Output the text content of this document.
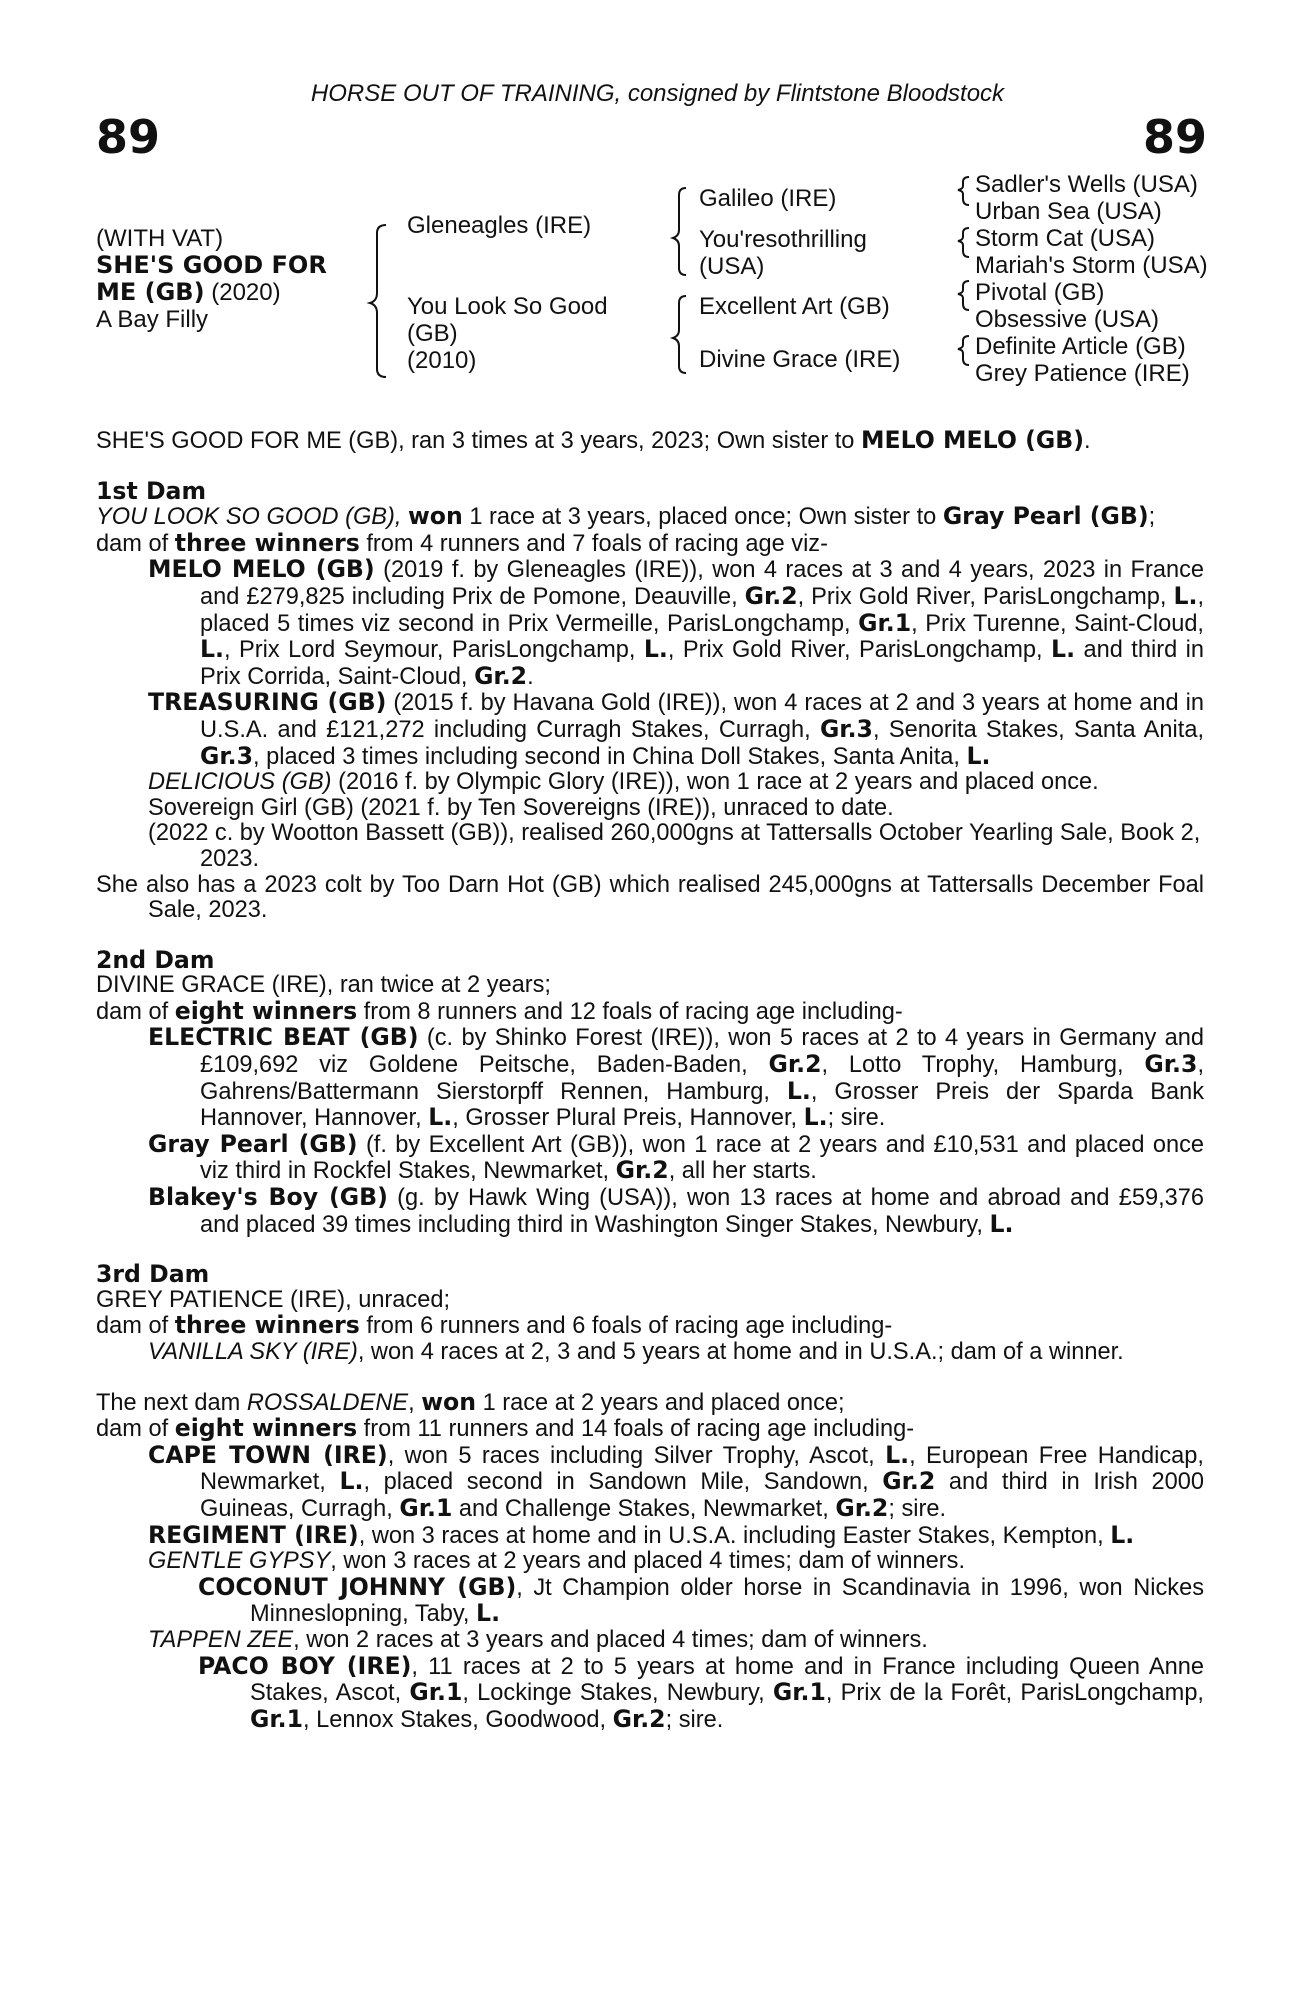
HORSE OUT OF TRAINING, consigned by Flintstone Bloodstock
89	89
(WITH VAT)
SHE'S GOOD FOR
ME (GB) (2020)
A Bay Filly
Gleneagles (IRE)
You Look So Good
(GB)
(2010)
Galileo (IRE)
You'resothrilling
(USA)
Excellent Art (GB)
Divine Grace (IRE)
Sadler's Wells (USA)
Urban Sea (USA)
Storm Cat (USA)
Mariah's Storm (USA)
Pivotal (GB)
Obsessive (USA)
Definite Article (GB)
Grey Patience (IRE)

SHE'S GOOD FOR ME (GB), ran 3 times at 3 years, 2023; Own sister to MELO MELO (GB).

1st Dam

YOU LOOK SO GOOD (GB), won 1 race at 3 years, placed once; Own sister to Gray Pearl (GB);

dam of three winners from 4 runners and 7 foals of racing age viz-

MELO MELO (GB) (2019 f. by Gleneagles (IRE)), won 4 races at 3 and 4 years, 2023 in France and £279,825 including Prix de Pomone, Deauville, Gr.2, Prix Gold River, ParisLongchamp, L., placed 5 times viz second in Prix Vermeille, ParisLongchamp, Gr.1, Prix Turenne, Saint-Cloud, L., Prix Lord Seymour, ParisLongchamp, L., Prix Gold River, ParisLongchamp, L. and third in Prix Corrida, Saint-Cloud, Gr.2.

TREASURING (GB) (2015 f. by Havana Gold (IRE)), won 4 races at 2 and 3 years at home and in U.S.A. and £121,272 including Curragh Stakes, Curragh, Gr.3, Senorita Stakes, Santa Anita, Gr.3, placed 3 times including second in China Doll Stakes, Santa Anita, L.

DELICIOUS (GB) (2016 f. by Olympic Glory (IRE)), won 1 race at 2 years and placed once.

Sovereign Girl (GB) (2021 f. by Ten Sovereigns (IRE)), unraced to date.

(2022 c. by Wootton Bassett (GB)), realised 260,000gns at Tattersalls October Yearling Sale, Book 2, 2023.

She also has a 2023 colt by Too Darn Hot (GB) which realised 245,000gns at Tattersalls December Foal Sale, 2023.

2nd Dam

DIVINE GRACE (IRE), ran twice at 2 years;

dam of eight winners from 8 runners and 12 foals of racing age including-

ELECTRIC BEAT (GB) (c. by Shinko Forest (IRE)), won 5 races at 2 to 4 years in Germany and £109,692 viz Goldene Peitsche, Baden-Baden, Gr.2, Lotto Trophy, Hamburg, Gr.3, Gahrens/Battermann Sierstorpff Rennen, Hamburg, L., Grosser Preis der Sparda Bank Hannover, Hannover, L., Grosser Plural Preis, Hannover, L.; sire.

Gray Pearl (GB) (f. by Excellent Art (GB)), won 1 race at 2 years and £10,531 and placed once viz third in Rockfel Stakes, Newmarket, Gr.2, all her starts.

Blakey's Boy (GB) (g. by Hawk Wing (USA)), won 13 races at home and abroad and £59,376 and placed 39 times including third in Washington Singer Stakes, Newbury, L.

3rd Dam

GREY PATIENCE (IRE), unraced;

dam of three winners from 6 runners and 6 foals of racing age including-

VANILLA SKY (IRE), won 4 races at 2, 3 and 5 years at home and in U.S.A.; dam of a winner.

The next dam ROSSALDENE, won 1 race at 2 years and placed once;

dam of eight winners from 11 runners and 14 foals of racing age including-

CAPE TOWN (IRE), won 5 races including Silver Trophy, Ascot, L., European Free Handicap, Newmarket, L., placed second in Sandown Mile, Sandown, Gr.2 and third in Irish 2000 Guineas, Curragh, Gr.1 and Challenge Stakes, Newmarket, Gr.2; sire.

REGIMENT (IRE), won 3 races at home and in U.S.A. including Easter Stakes, Kempton, L.

GENTLE GYPSY, won 3 races at 2 years and placed 4 times; dam of winners.

COCONUT JOHNNY (GB), Jt Champion older horse in Scandinavia in 1996, won Nickes Minneslopning, Taby, L.

TAPPEN ZEE, won 2 races at 3 years and placed 4 times; dam of winners.

PACO BOY (IRE), 11 races at 2 to 5 years at home and in France including Queen Anne Stakes, Ascot, Gr.1, Lockinge Stakes, Newbury, Gr.1, Prix de la Forêt, ParisLongchamp, Gr.1, Lennox Stakes, Goodwood, Gr.2; sire.
